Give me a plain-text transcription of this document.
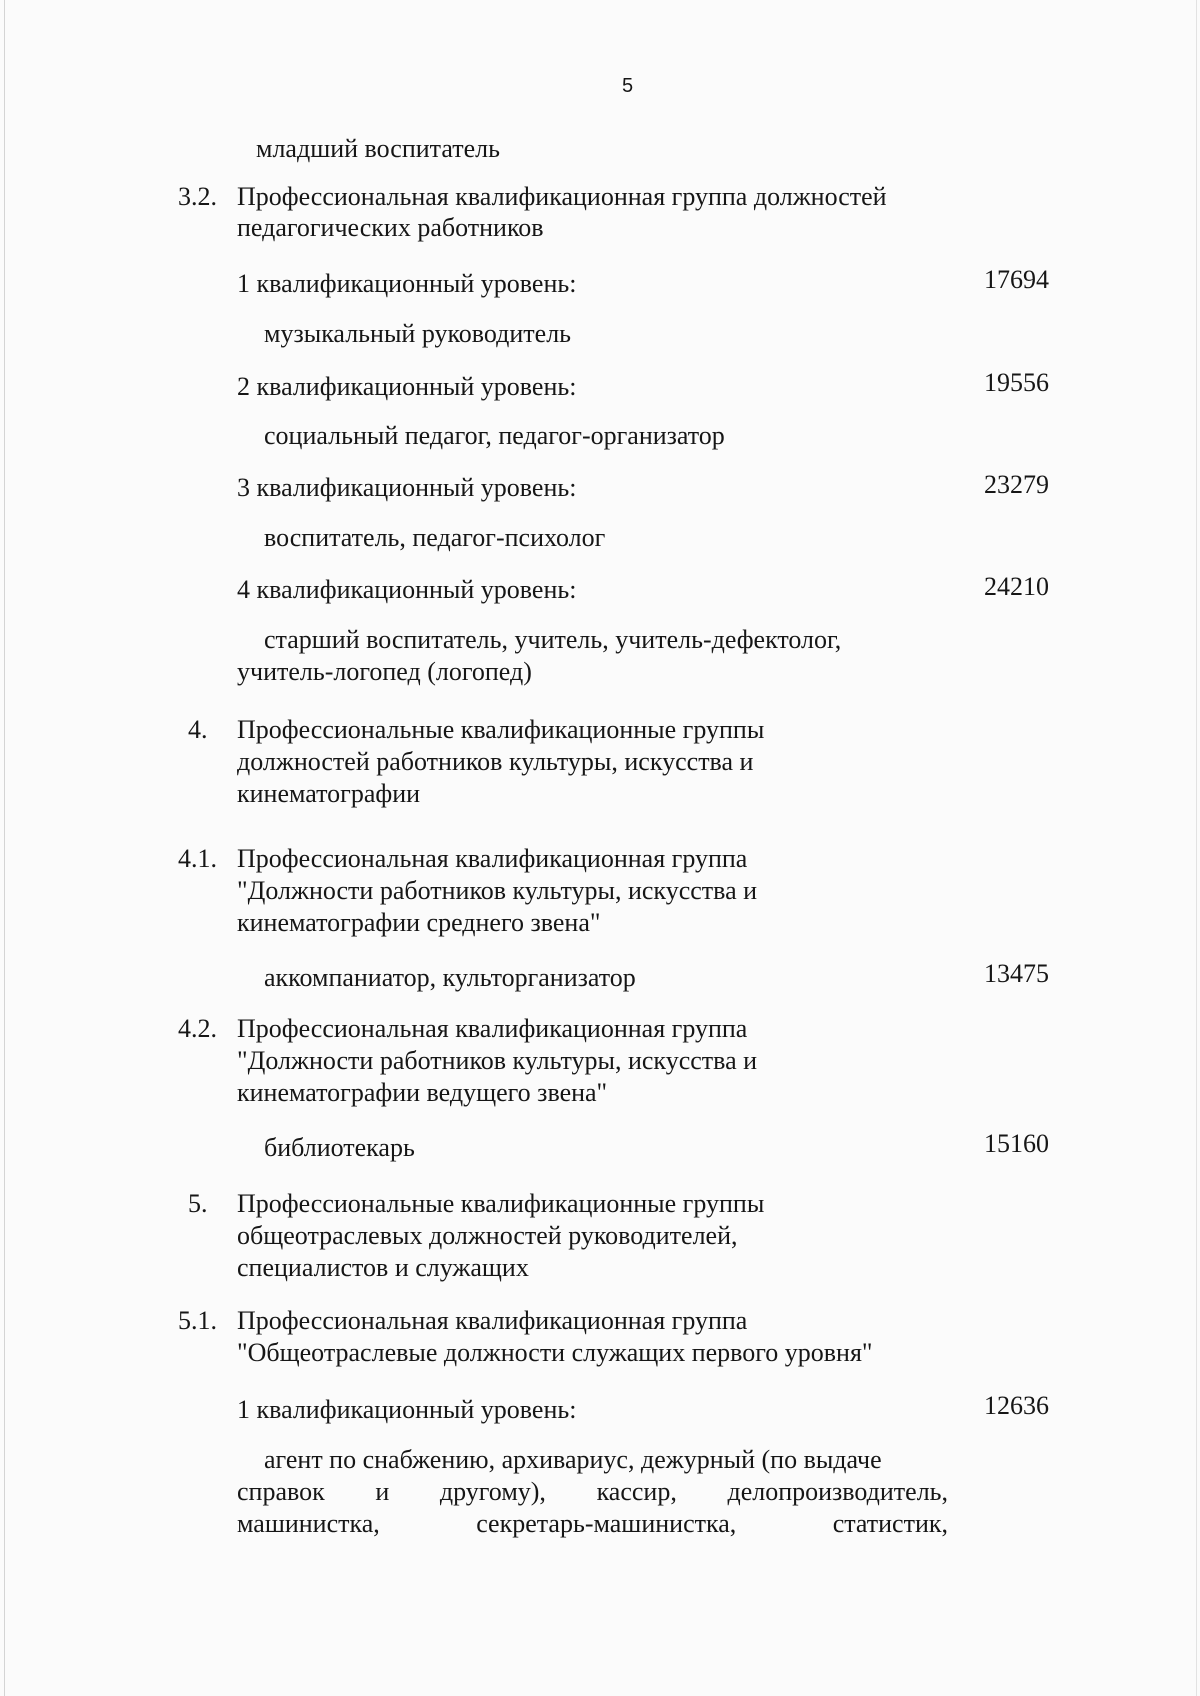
5
младший воспитатель
3.2. Профессиональная квалификационная группа должностей
педагогических работников
1 квалификационный уровень:	17694
музыкальный руководитель
2 квалификационный уровень:	19556
социальный педагог, педагог-организатор
3 квалификационный уровень:	23279
воспитатель, педагог-психолог
4 квалификационный уровень:	24210
старший воспитатель, учитель, учитель-дефектолог,
учитель-логопед (логопед)
4. Профессиональные квалификационные группы
должностей работников культуры, искусства и
кинематографии
4.1. Профессиональная квалификационная группа
"Должности работников культуры, искусства и
кинематографии среднего звена"
аккомпаниатор, культорганизатор	13475
4.2. Профессиональная квалификационная группа
"Должности работников культуры, искусства и
кинематографии ведущего звена"
библиотекарь	15160
5. Профессиональные квалификационные группы
общеотраслевых должностей руководителей,
специалистов и служащих
5.1. Профессиональная квалификационная группа
"Общеотраслевые должности служащих первого уровня"
1 квалификационный уровень:	12636
агент по снабжению, архивариус, дежурный (по выдаче
справок и другому), кассир, делопроизводитель,
машинистка,	секретарь-машинистка,	статистик,
